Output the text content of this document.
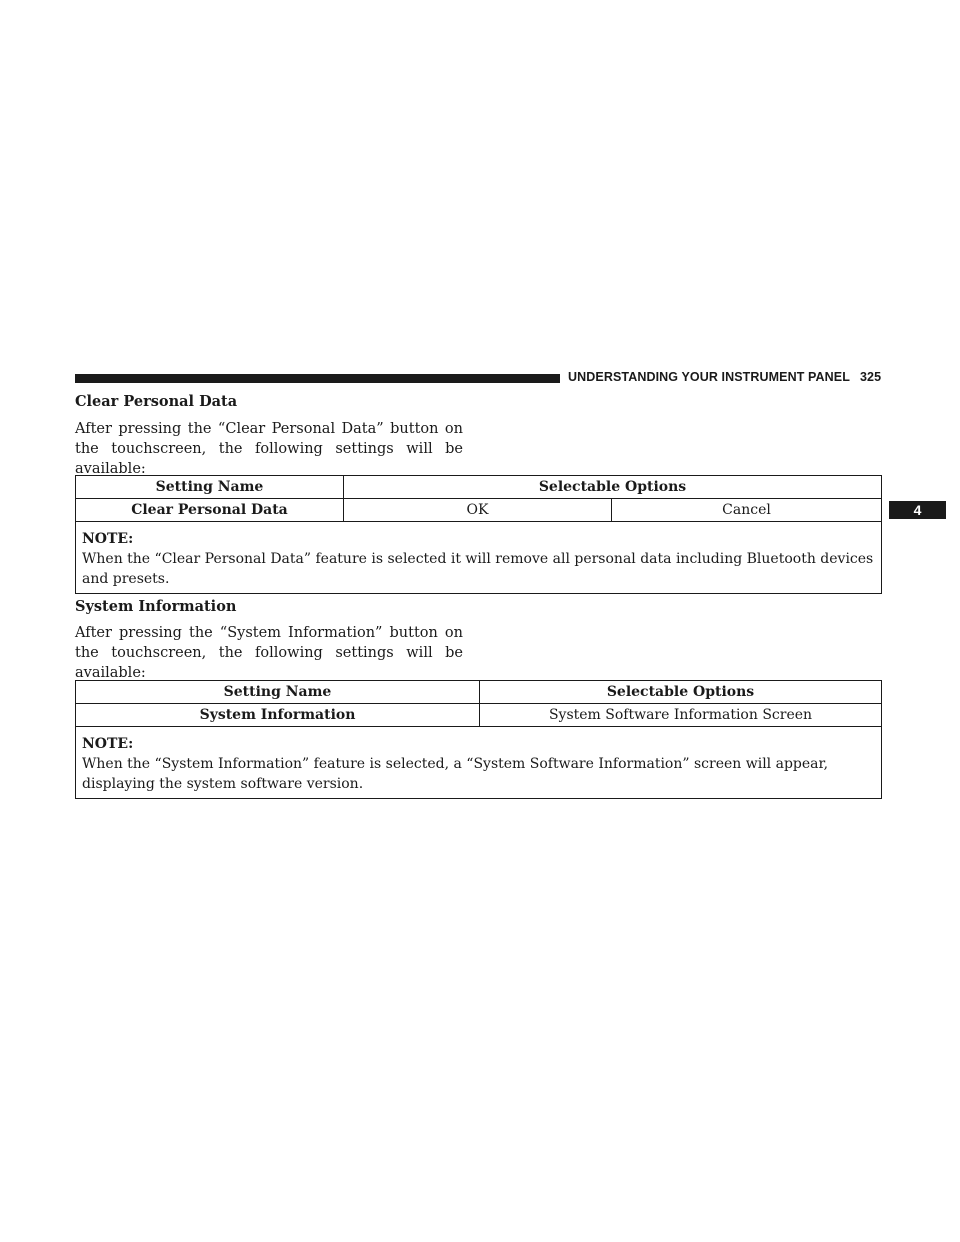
UNDERSTANDING YOUR INSTRUMENT PANEL 325
4
Clear Personal Data
After pressing the “Clear Personal Data” button on the touchscreen, the following settings will be available:
Setting Name	Selectable Options	
Clear Personal Data	OK	Cancel

NOTE:
When the “Clear Personal Data” feature is selected it will remove all personal data including Bluetooth devices and presets.		
System Information
After pressing the “System Information” button on the touchscreen, the following settings will be available:
Setting Name	Selectable Options
System Information	System Software Information Screen

NOTE:
When the “System Information” feature is selected, a “System Software Information” screen will appear, displaying the system software version.	
